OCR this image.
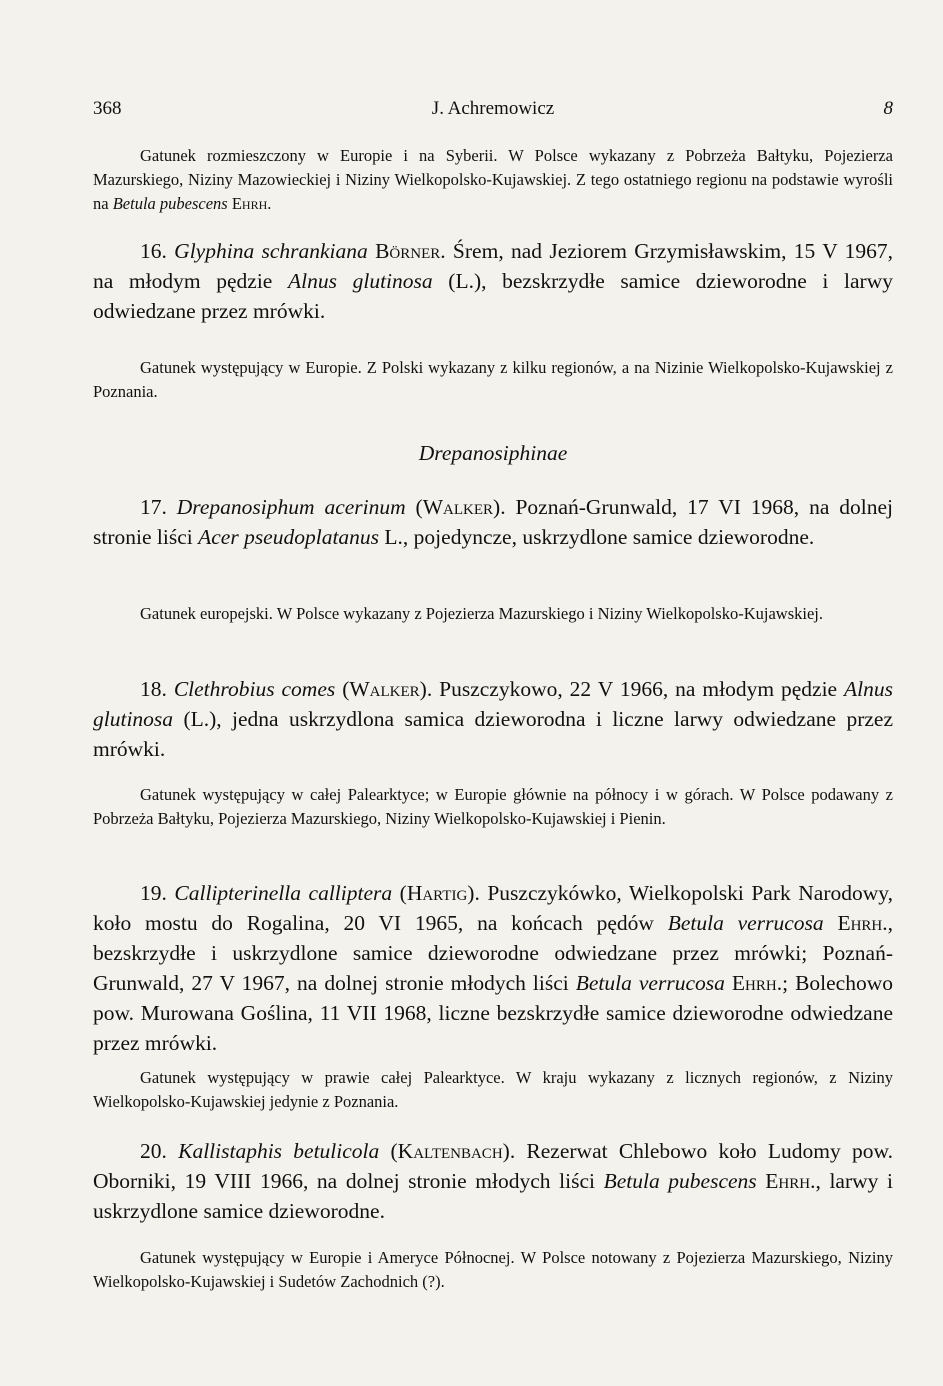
368	J. Achremowicz	8

Gatunek rozmieszczony w Europie i na Syberii. W Polsce wykazany z Pobrzeża Bałtyku, Pojezierza Mazurskiego, Niziny Mazowieckiej i Niziny Wielkopolsko-Kujawskiej. Z tego ostatniego regionu na podstawie wyrośli na Betula pubescens Ehrh.

16. Glyphina schrankiana Börner. Śrem, nad Jeziorem Grzymisławskim, 15 V 1967, na młodym pędzie Alnus glutinosa (L.), bezskrzydłe samice dzieworodne i larwy odwiedzane przez mrówki.

Gatunek występujący w Europie. Z Polski wykazany z kilku regionów, a na Nizinie Wielkopolsko-Kujawskiej z Poznania.

Drepanosiphinae

17. Drepanosiphum acerinum (Walker). Poznań-Grunwald, 17 VI 1968, na dolnej stronie liści Acer pseudoplatanus L., pojedyncze, uskrzydlone samice dzieworodne.

Gatunek europejski. W Polsce wykazany z Pojezierza Mazurskiego i Niziny Wielkopolsko-Kujawskiej.

18. Clethrobius comes (Walker). Puszczykowo, 22 V 1966, na młodym pędzie Alnus glutinosa (L.), jedna uskrzydlona samica dzieworodna i liczne larwy odwiedzane przez mrówki.

Gatunek występujący w całej Palearktyce; w Europie głównie na północy i w górach. W Polsce podawany z Pobrzeża Bałtyku, Pojezierza Mazurskiego, Niziny Wielkopolsko-Kujawskiej i Pienin.

19. Callipterinella calliptera (Hartig). Puszczykówko, Wielkopolski Park Narodowy, koło mostu do Rogalina, 20 VI 1965, na końcach pędów Betula verrucosa Ehrh., bezskrzydłe i uskrzydlone samice dzieworodne odwiedzane przez mrówki; Poznań-Grunwald, 27 V 1967, na dolnej stronie młodych liści Betula verrucosa Ehrh.; Bolechowo pow. Murowana Goślina, 11 VII 1968, liczne bezskrzydłe samice dzieworodne odwiedzane przez mrówki.

Gatunek występujący w prawie całej Palearktyce. W kraju wykazany z licznych regionów, z Niziny Wielkopolsko-Kujawskiej jedynie z Poznania.

20. Kallistaphis betulicola (Kaltenbach). Rezerwat Chlebowo koło Ludomy pow. Oborniki, 19 VIII 1966, na dolnej stronie młodych liści Betula pubescens Ehrh., larwy i uskrzydlone samice dzieworodne.

Gatunek występujący w Europie i Ameryce Północnej. W Polsce notowany z Pojezierza Mazurskiego, Niziny Wielkopolsko-Kujawskiej i Sudetów Zachodnich (?).
